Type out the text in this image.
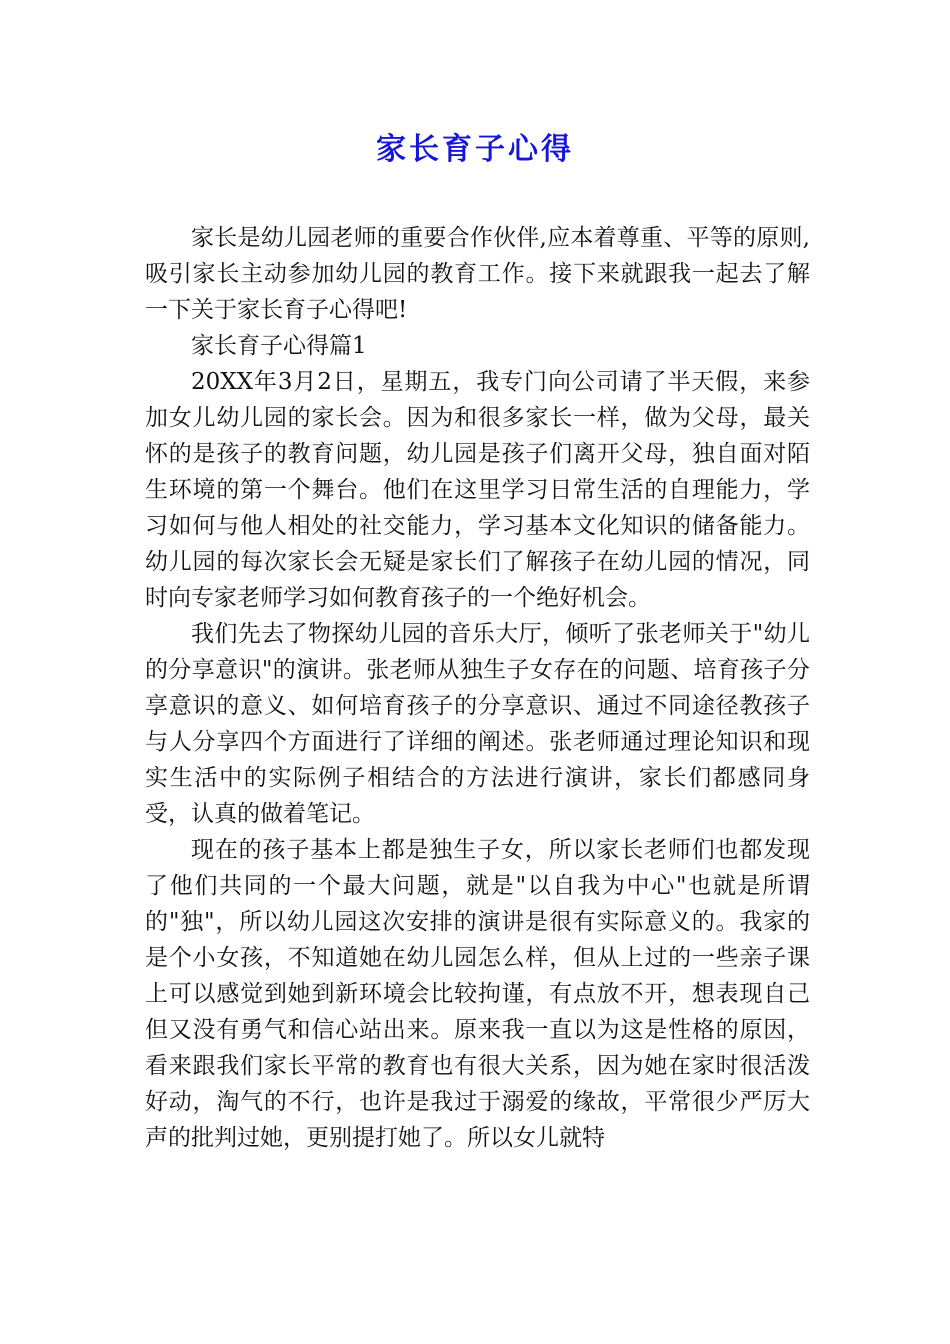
家长育子心得

家长是幼儿园老师的重要合作伙伴,应本着尊重、平等的原则,吸引家长主动参加幼儿园的教育工作。接下来就跟我一起去了解一下关于家长育子心得吧!

家长育子心得篇1

20XX年3月2日，星期五，我专门向公司请了半天假，来参加女儿幼儿园的家长会。因为和很多家长一样，做为父母，最关怀的是孩子的教育问题，幼儿园是孩子们离开父母，独自面对陌生环境的第一个舞台。他们在这里学习日常生活的自理能力，学习如何与他人相处的社交能力，学习基本文化知识的储备能力。幼儿园的每次家长会无疑是家长们了解孩子在幼儿园的情况，同时向专家老师学习如何教育孩子的一个绝好机会。

我们先去了物探幼儿园的音乐大厅，倾听了张老师关于"幼儿的分享意识"的演讲。张老师从独生子女存在的问题、培育孩子分享意识的意义、如何培育孩子的分享意识、通过不同途径教孩子与人分享四个方面进行了详细的阐述。张老师通过理论知识和现实生活中的实际例子相结合的方法进行演讲，家长们都感同身受，认真的做着笔记。

现在的孩子基本上都是独生子女，所以家长老师们也都发现了他们共同的一个最大问题，就是"以自我为中心"也就是所谓的"独"，所以幼儿园这次安排的演讲是很有实际意义的。我家的是个小女孩，不知道她在幼儿园怎么样，但从上过的一些亲子课上可以感觉到她到新环境会比较拘谨，有点放不开，想表现自己但又没有勇气和信心站出来。原来我一直以为这是性格的原因，看来跟我们家长平常的教育也有很大关系，因为她在家时很活泼好动，淘气的不行，也许是我过于溺爱的缘故，平常很少严厉大声的批判过她，更别提打她了。所以女儿就特
